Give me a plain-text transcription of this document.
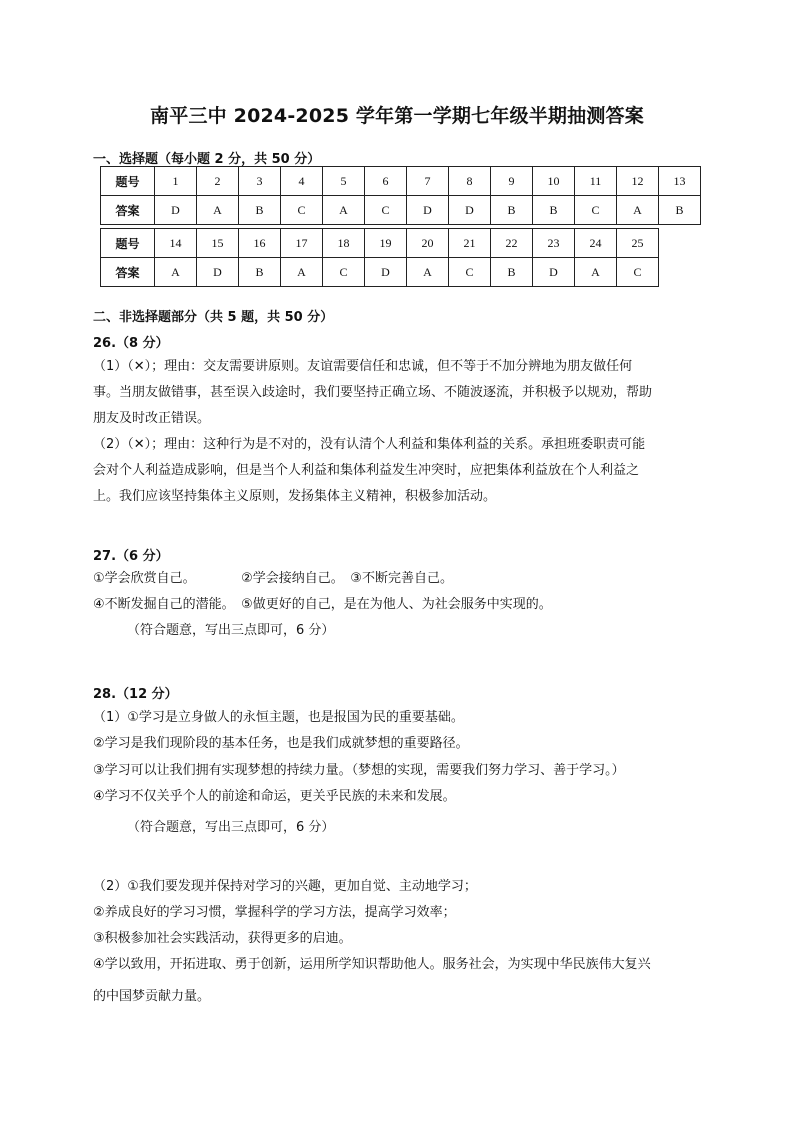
南平三中 2024-2025 学年第一学期七年级半期抽测答案
一、选择题（每小题 2 分，共 50 分）
题号	1	2	3	4	5	6	7	8	9	10	11	12	13
答案	D	A	B	C	A	C	D	D	B	B	C	A	B
题号	14	15	16	17	18	19	20	21	22	23	24	25
答案	A	D	B	A	C	D	A	C	B	D	A	C
二、非选择题部分（共 5 题，共 50 分）
26.（8 分）
（1）（✕）；理由：交友需要讲原则。友谊需要信任和忠诚，但不等于不加分辨地为朋友做任何
事。当朋友做错事，甚至误入歧途时，我们要坚持正确立场、不随波逐流，并积极予以规劝，帮助
朋友及时改正错误。
（2）（✕）；理由：这种行为是不对的，没有认清个人利益和集体利益的关系。承担班委职责可能
会对个人利益造成影响，但是当个人利益和集体利益发生冲突时，应把集体利益放在个人利益之
上。我们应该坚持集体主义原则，发扬集体主义精神，积极参加活动。
27.（6 分）
①学会欣赏自己。　　　　②学会接纳自己。　③不断完善自己。
④不断发掘自己的潜能。　⑤做更好的自己，是在为他人、为社会服务中实现的。
（符合题意，写出三点即可，6 分）
28.（12 分）
（1）①学习是立身做人的永恒主题，也是报国为民的重要基础。
②学习是我们现阶段的基本任务，也是我们成就梦想的重要路径。
③学习可以让我们拥有实现梦想的持续力量。（梦想的实现，需要我们努力学习、善于学习。）
④学习不仅关乎个人的前途和命运，更关乎民族的未来和发展。
（符合题意，写出三点即可，6 分）
（2）①我们要发现并保持对学习的兴趣，更加自觉、主动地学习；
②养成良好的学习习惯，掌握科学的学习方法，提高学习效率；
③积极参加社会实践活动，获得更多的启迪。
④学以致用，开拓进取、勇于创新，运用所学知识帮助他人。服务社会，为实现中华民族伟大复兴
的中国梦贡献力量。
